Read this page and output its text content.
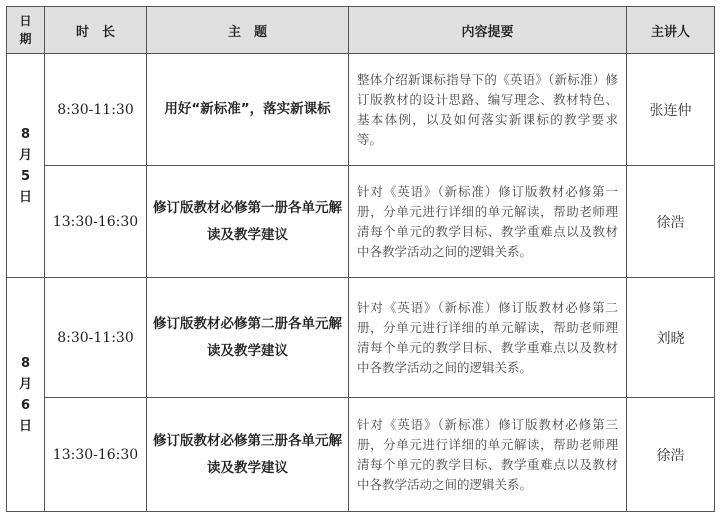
日
期	时　长	主　题	内容提要	主讲人

8
月
5
日	8:30-11:30	用好“新标准”，落实新课标	整体介绍新课标指导下的《英语》（新标准）修订版教材的设计思路、编写理念、教材特色、基本体例，以及如何落实新课标的教学要求等。	张连仲
	13:30-16:30	修订版教材必修第一册各单元解读及教学建议	针对《英语》（新标准）修订版教材必修第一册，分单元进行详细的单元解读，帮助老师理清每个单元的教学目标、教学重难点以及教材中各教学活动之间的逻辑关系。	徐浩

8
月
6
日	8:30-11:30	修订版教材必修第二册各单元解读及教学建议	针对《英语》（新标准）修订版教材必修第二册，分单元进行详细的单元解读，帮助老师理清每个单元的教学目标、教学重难点以及教材中各教学活动之间的逻辑关系。	刘晓
	13:30-16:30	修订版教材必修第三册各单元解读及教学建议	针对《英语》（新标准）修订版教材必修第三册，分单元进行详细的单元解读，帮助老师理清每个单元的教学目标、教学重难点以及教材中各教学活动之间的逻辑关系。	徐浩
